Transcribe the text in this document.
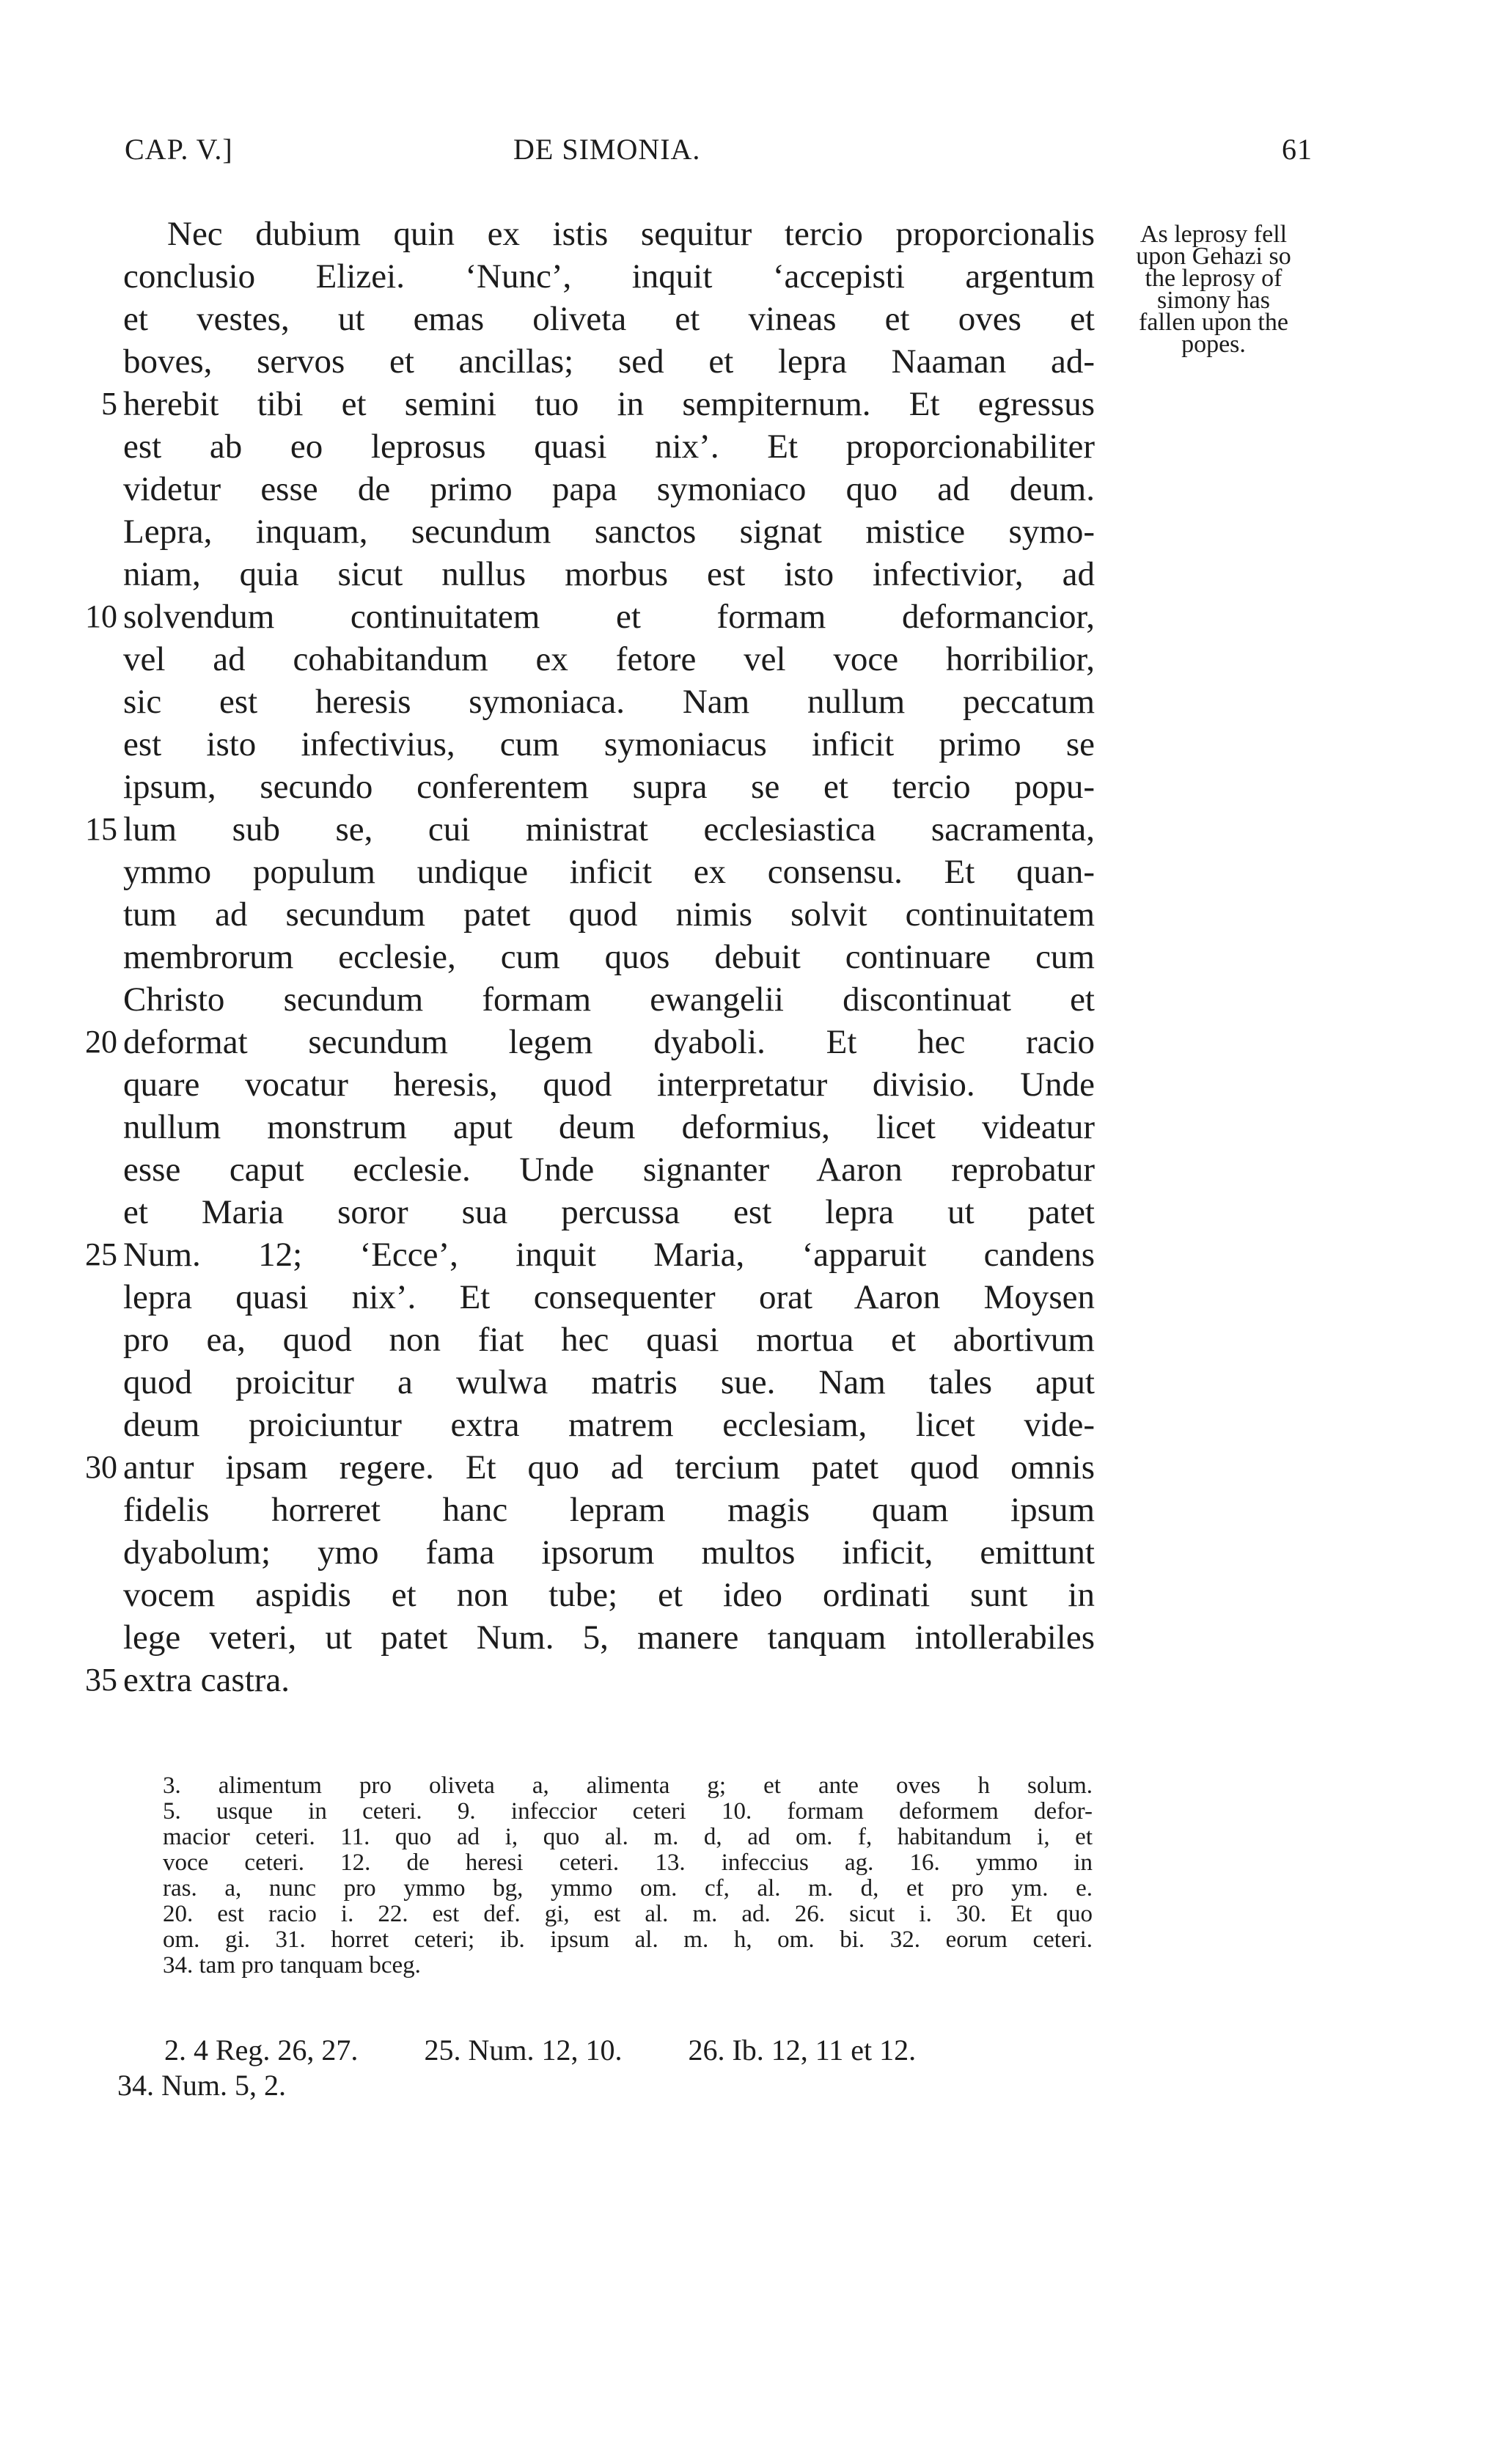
CAP. V.]	DE SIMONIA.	61
As leprosy fell
upon Gehazi so
the leprosy of
simony has
fallen upon the
popes.
Nec dubium quin ex istis sequitur tercio proporcionalis
conclusio Elizei. ‘Nunc’, inquit ‘accepisti argentum
et vestes, ut emas oliveta et vineas et oves et
boves, servos et ancillas; sed et lepra Naaman ad-
5 herebit tibi et semini tuo in sempiternum. Et egressus
est ab eo leprosus quasi nix’. Et proporcionabiliter
videtur esse de primo papa symoniaco quo ad deum.
Lepra, inquam, secundum sanctos signat mistice symo-
niam, quia sicut nullus morbus est isto infectivior, ad
10 solvendum continuitatem et formam deformancior,
vel ad cohabitandum ex fetore vel voce horribilior,
sic est heresis symoniaca. Nam nullum peccatum
est isto infectivius, cum symoniacus inficit primo se
ipsum, secundo conferentem supra se et tercio popu-
15 lum sub se, cui ministrat ecclesiastica sacramenta,
ymmo populum undique inficit ex consensu. Et quan-
tum ad secundum patet quod nimis solvit continuitatem
membrorum ecclesie, cum quos debuit continuare cum
Christo secundum formam ewangelii discontinuat et
20 deformat secundum legem dyaboli. Et hec racio
quare vocatur heresis, quod interpretatur divisio. Unde
nullum monstrum aput deum deformius, licet videatur
esse caput ecclesie. Unde signanter Aaron reprobatur
et Maria soror sua percussa est lepra ut patet
25 Num. 12; ‘Ecce’, inquit Maria, ‘apparuit candens
lepra quasi nix’. Et consequenter orat Aaron Moysen
pro ea, quod non fiat hec quasi mortua et abortivum
quod proicitur a wulwa matris sue. Nam tales aput
deum proiciuntur extra matrem ecclesiam, licet vide-
30 antur ipsam regere. Et quo ad tercium patet quod omnis
fidelis horreret hanc lepram magis quam ipsum
dyabolum; ymo fama ipsorum multos inficit, emittunt
vocem aspidis et non tube; et ideo ordinati sunt in
lege veteri, ut patet Num. 5, manere tanquam intollerabiles
35 extra castra.
3. alimentum pro oliveta a, alimenta g; et ante oves h solum.
5. usque in ceteri. 9. infeccior ceteri 10. formam deformem defor-
macior ceteri. 11. quo ad i, quo al. m. d, ad om. f, habitandum i, et
voce ceteri. 12. de heresi ceteri. 13. infeccius ag. 16. ymmo in
ras. a, nunc pro ymmo bg, ymmo om. cf, al. m. d, et pro ym. e.
20. est racio i. 22. est def. gi, est al. m. ad. 26. sicut i. 30. Et quo
om. gi. 31. horret ceteri; ib. ipsum al. m. h, om. bi. 32. eorum ceteri.
34. tam pro tanquam bceg.
2. 4 Reg. 26, 27. 25. Num. 12, 10. 26. Ib. 12, 11 et 12.
34. Num. 5, 2.
